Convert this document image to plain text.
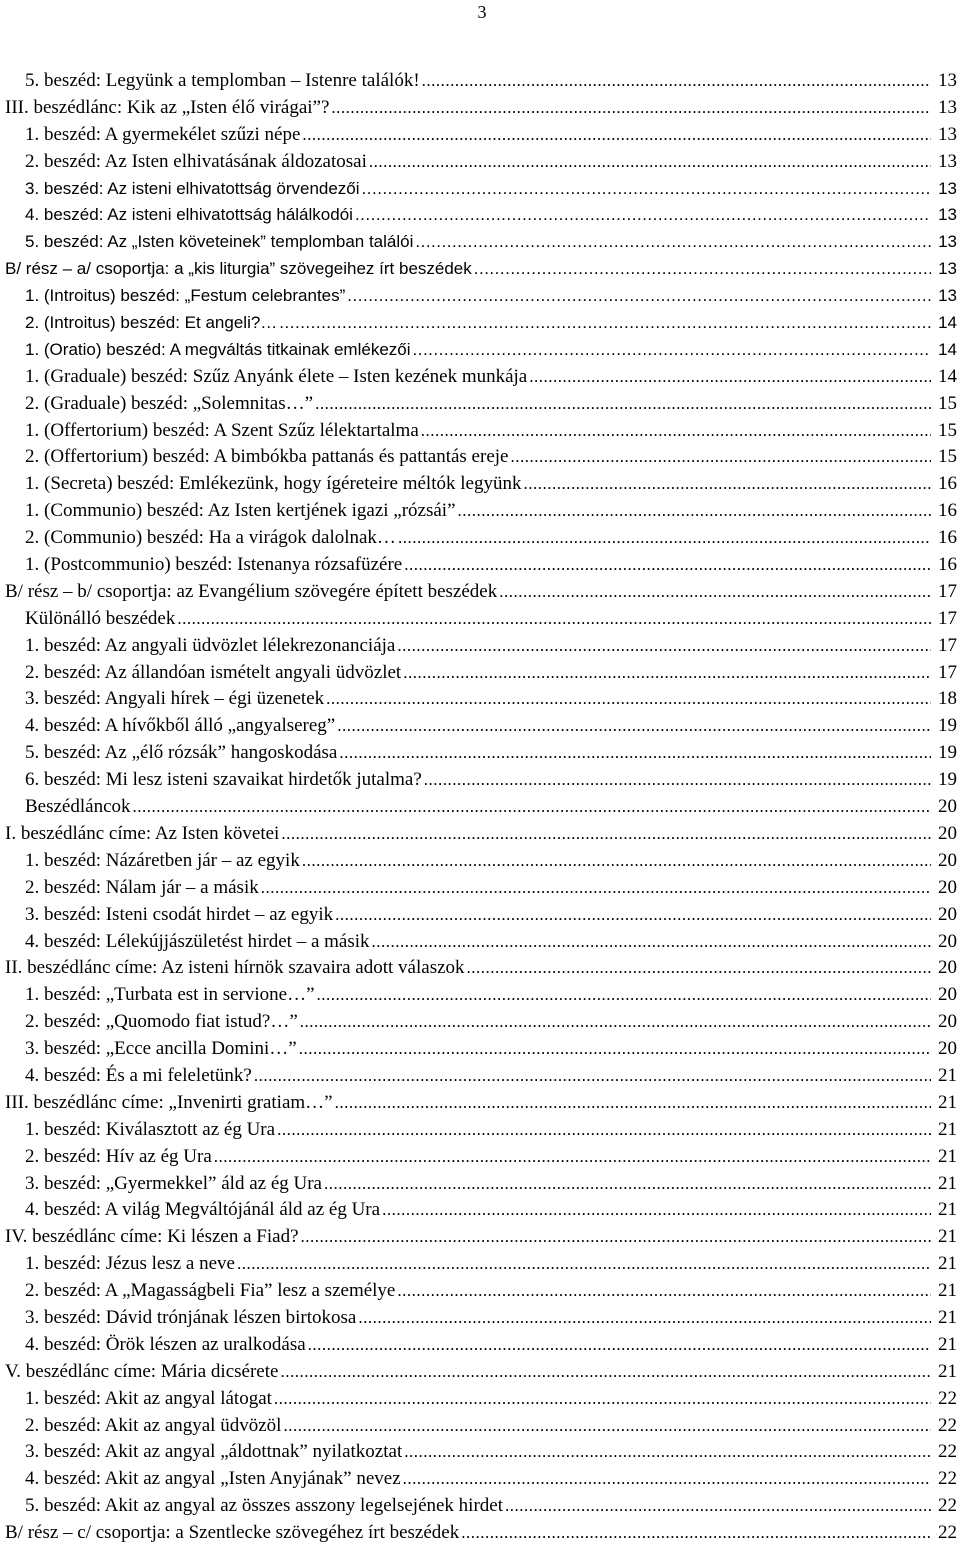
3
5. beszéd: Legyünk a templomban – Istenre találók! .....	13
III. beszédlánc: Kik az „Isten élő virágai”? .....	13
1. beszéd: A gyermekélet szűzi népe .....	13
2. beszéd: Az Isten elhivatásának áldozatosai .....	13
3. beszéd: Az isteni elhivatottság örvendezői .....	13
4. beszéd: Az isteni elhivatottság hálálkodói .....	13
5. beszéd: Az „Isten követeinek” templomban találói .....	13
B/ rész – a/ csoportja: a „kis liturgia” szövegeihez írt beszédek .....	13
1. (Introitus) beszéd: „Festum celebrantes” .....	13
2. (Introitus) beszéd: Et angeli?… .....	14
1. (Oratio) beszéd: A megváltás titkainak emlékezői .....	14
1. (Graduale) beszéd: Szűz Anyánk élete – Isten kezének munkája .....	14
2. (Graduale) beszéd: „Solemnitas…” .....	15
1. (Offertorium) beszéd: A Szent Szűz lélektartalma .....	15
2. (Offertorium) beszéd: A bimbókba pattanás és pattantás ereje .....	15
1. (Secreta) beszéd: Emlékezünk, hogy ígéreteire méltók legyünk .....	16
1. (Communio) beszéd: Az Isten kertjének igazi „rózsái” .....	16
2. (Communio) beszéd: Ha a virágok dalolnak… .....	16
1. (Postcommunio) beszéd: Istenanya rózsafüzére .....	16
B/ rész – b/ csoportja: az Evangélium szövegére épített beszédek .....	17
Különálló beszédek .....	17
1. beszéd: Az angyali üdvözlet lélekrezonanciája .....	17
2. beszéd: Az állandóan ismételt angyali üdvözlet .....	17
3. beszéd: Angyali hírek – égi üzenetek .....	18
4. beszéd: A hívőkből álló „angyalsereg” .....	19
5. beszéd: Az „élő rózsák” hangoskodása .....	19
6. beszéd: Mi lesz isteni szavaikat hirdetők jutalma? .....	19
Beszédláncok .....	20
I. beszédlánc címe: Az Isten követei .....	20
1. beszéd: Názáretben jár – az egyik .....	20
2. beszéd: Nálam jár – a másik .....	20
3. beszéd: Isteni csodát hirdet – az egyik .....	20
4. beszéd: Lélekújjászületést hirdet – a másik .....	20
II. beszédlánc címe: Az isteni hírnök szavaira adott válaszok .....	20
1. beszéd: „Turbata est in servione…” .....	20
2. beszéd: „Quomodo fiat istud?…” .....	20
3. beszéd: „Ecce ancilla Domini…” .....	20
4. beszéd: És a mi feleletünk? .....	21
III. beszédlánc címe: „Invenirti gratiam…” .....	21
1. beszéd: Kiválasztott az ég Ura .....	21
2. beszéd: Hív az ég Ura .....	21
3. beszéd: „Gyermekkel” áld az ég Ura .....	21
4. beszéd: A világ Megváltójánál áld az ég Ura .....	21
IV. beszédlánc címe: Ki lészen a Fiad? .....	21
1. beszéd: Jézus lesz a neve .....	21
2. beszéd: A „Magasságbeli Fia” lesz a személye .....	21
3. beszéd: Dávid trónjának lészen birtokosa .....	21
4. beszéd: Örök lészen az uralkodása .....	21
V. beszédlánc címe: Mária dicsérete .....	21
1. beszéd: Akit az angyal látogat .....	22
2. beszéd: Akit az angyal üdvözöl .....	22
3. beszéd: Akit az angyal „áldottnak” nyilatkoztat .....	22
4. beszéd: Akit az angyal „Isten Anyjának” nevez .....	22
5. beszéd: Akit az angyal az összes asszony legelsejének hirdet .....	22
B/ rész – c/ csoportja: a Szentlecke szövegéhez írt beszédek .....	22
